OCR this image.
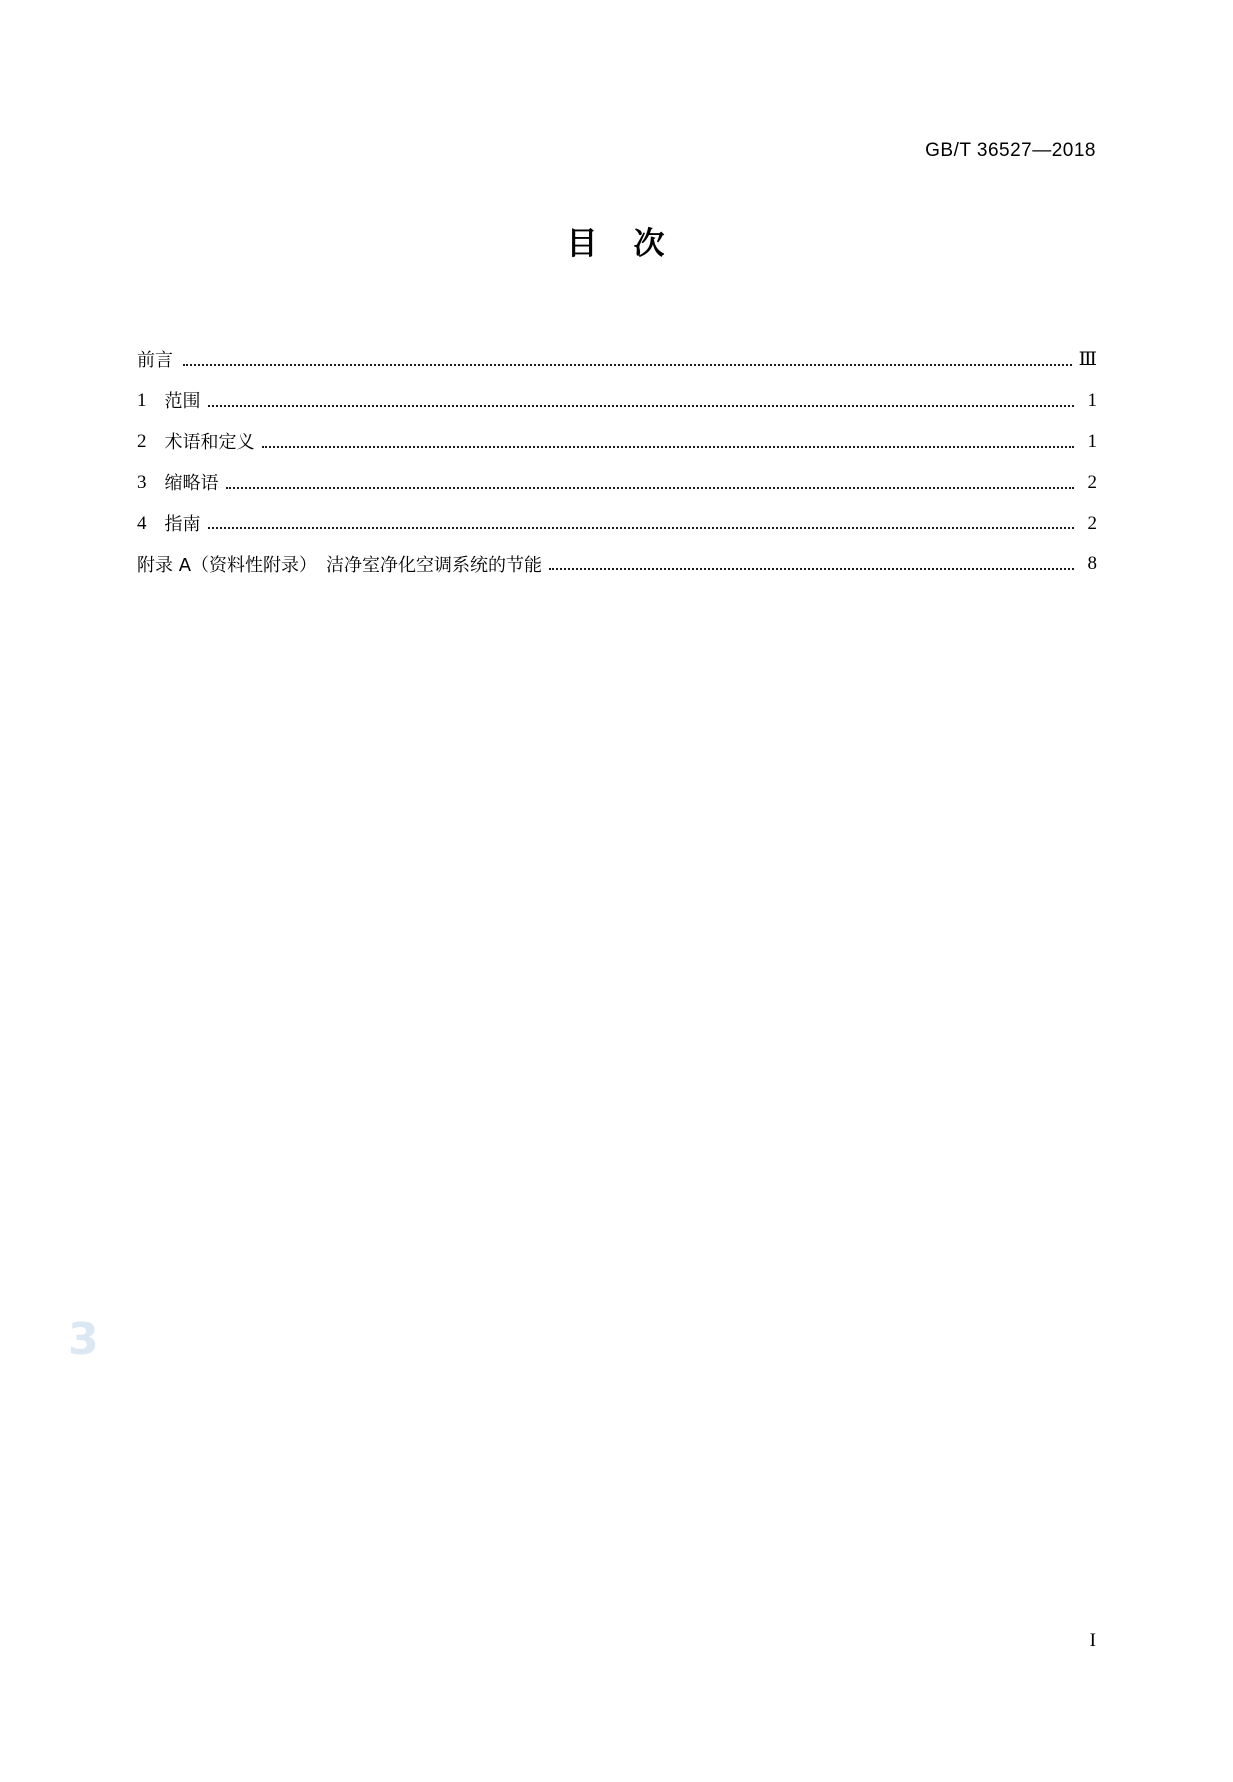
GB/T 36527—2018
目 次
前言	Ⅲ
1 范围	1
2 术语和定义	1
3 缩略语	2
4 指南	2
附录 A（资料性附录）　洁净室净化空调系统的节能	8
3
I
